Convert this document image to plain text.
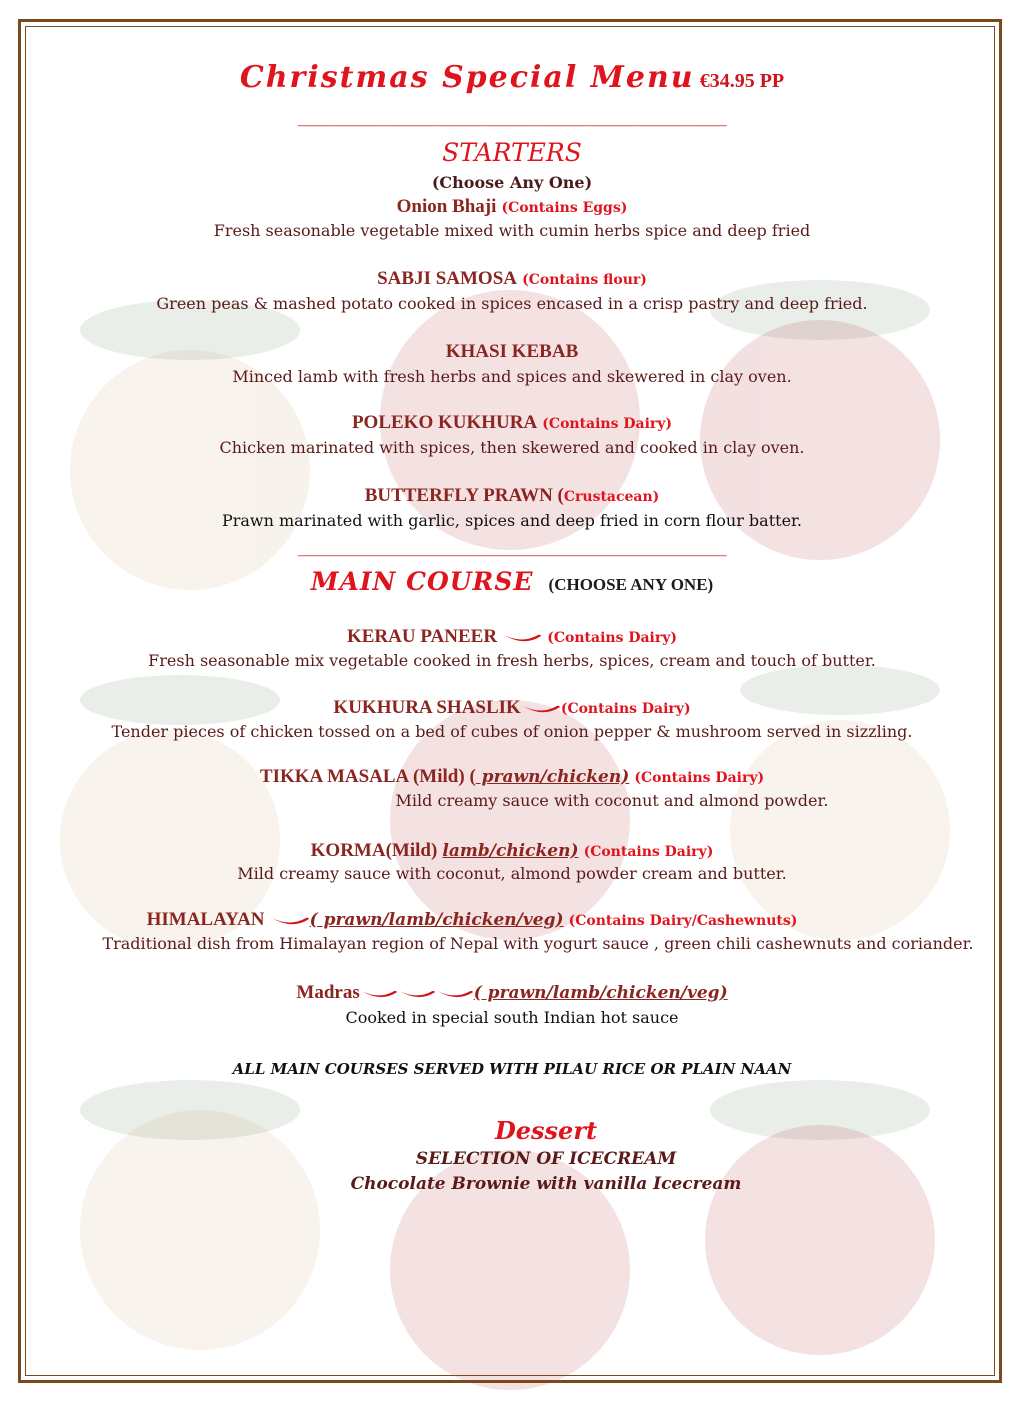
Christmas Special Menu €34.95 PP
_____________________________________________
STARTERS
(Choose Any One)
Onion Bhaji (Contains Eggs)
Fresh seasonable vegetable mixed with cumin herbs spice and deep fried
SABJI SAMOSA (Contains flour)
Green peas & mashed potato cooked in spices encased in a crisp pastry and deep fried.
KHASI KEBAB
Minced lamb with fresh herbs and spices and skewered in clay oven.
POLEKO KUKHURA (Contains Dairy)
Chicken marinated with spices, then skewered and cooked in clay oven.
BUTTERFLY PRAWN (Crustacean)
Prawn marinated with garlic, spices and deep fried in corn flour batter.
_____________________________________________
MAIN COURSE (CHOOSE ANY ONE)
KERAU PANEER	(Contains Dairy)
Fresh seasonable mix vegetable cooked in fresh herbs, spices, cream and touch of butter.
KUKHURA SHASLIK	(Contains Dairy)
Tender pieces of chicken tossed on a bed of cubes of onion pepper & mushroom served in sizzling.
TIKKA MASALA (Mild) ( prawn/chicken) (Contains Dairy)
Mild creamy sauce with coconut and almond powder.
KORMA(Mild) lamb/chicken) (Contains Dairy)
Mild creamy sauce with coconut, almond powder cream and butter.
HIMALAYAN	( prawn/lamb/chicken/veg) (Contains Dairy/Cashewnuts)
Traditional dish from Himalayan region of Nepal with yogurt sauce , green chili cashewnuts and coriander.
Madras	( prawn/lamb/chicken/veg)
Cooked in special south Indian hot sauce
ALL MAIN COURSES SERVED WITH PILAU RICE OR PLAIN NAAN
Dessert
SELECTION OF ICECREAM
Chocolate Brownie with vanilla Icecream
